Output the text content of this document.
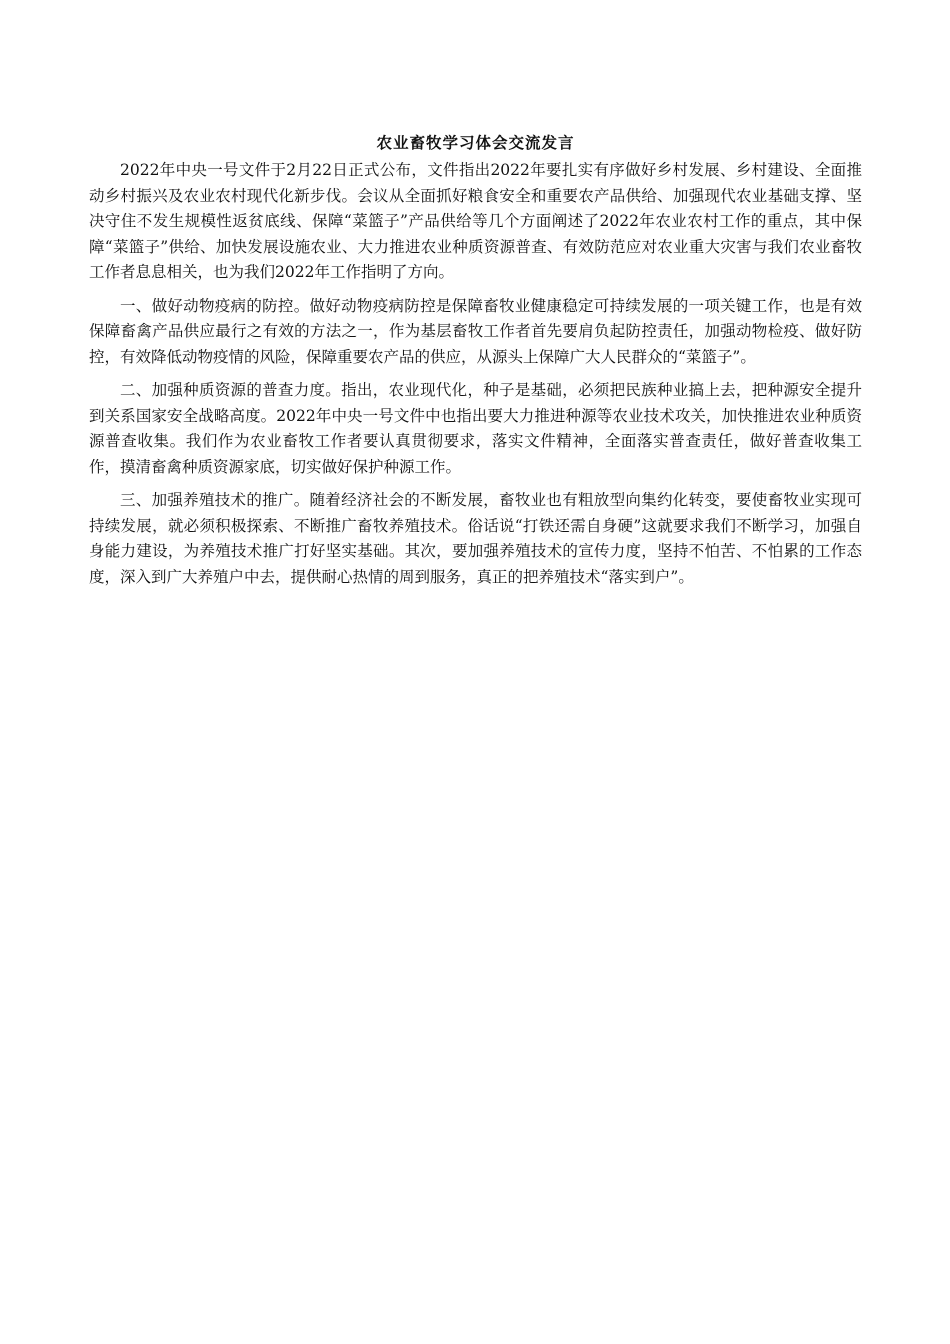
农业畜牧学习体会交流发言

2022年中央一号文件于2月22日正式公布，文件指出2022年要扎实有序做好乡村发展、乡村建设、全面推动乡村振兴及农业农村现代化新步伐。会议从全面抓好粮食安全和重要农产品供给、加强现代农业基础支撑、坚决守住不发生规模性返贫底线、保障“菜篮子”产品供给等几个方面阐述了2022年农业农村工作的重点，其中保障“菜篮子”供给、加快发展设施农业、大力推进农业种质资源普查、有效防范应对农业重大灾害与我们农业畜牧工作者息息相关，也为我们2022年工作指明了方向。

一、做好动物疫病的防控。做好动物疫病防控是保障畜牧业健康稳定可持续发展的一项关键工作，也是有效保障畜禽产品供应最行之有效的方法之一，作为基层畜牧工作者首先要肩负起防控责任，加强动物检疫、做好防控，有效降低动物疫情的风险，保障重要农产品的供应，从源头上保障广大人民群众的“菜篮子”。

二、加强种质资源的普查力度。指出，农业现代化，种子是基础，必须把民族种业搞上去，把种源安全提升到关系国家安全战略高度。2022年中央一号文件中也指出要大力推进种源等农业技术攻关，加快推进农业种质资源普查收集。我们作为农业畜牧工作者要认真贯彻要求，落实文件精神，全面落实普查责任，做好普查收集工作，摸清畜禽种质资源家底，切实做好保护种源工作。

三、加强养殖技术的推广。随着经济社会的不断发展，畜牧业也有粗放型向集约化转变，要使畜牧业实现可持续发展，就必须积极探索、不断推广畜牧养殖技术。俗话说“打铁还需自身硬”这就要求我们不断学习，加强自身能力建设，为养殖技术推广打好坚实基础。其次，要加强养殖技术的宣传力度，坚持不怕苦、不怕累的工作态度，深入到广大养殖户中去，提供耐心热情的周到服务，真正的把养殖技术“落实到户”。
